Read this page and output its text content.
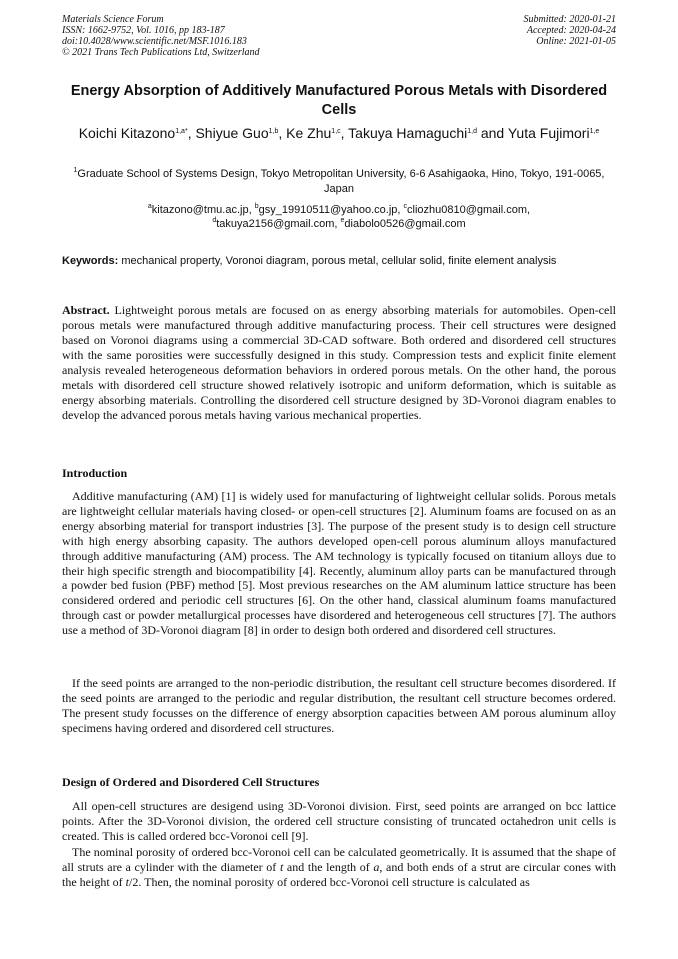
Materials Science Forum
ISSN: 1662-9752, Vol. 1016, pp 183-187
doi:10.4028/www.scientific.net/MSF.1016.183
© 2021 Trans Tech Publications Ltd, Switzerland
Submitted: 2020-01-21
Accepted: 2020-04-24
Online: 2021-01-05
Energy Absorption of Additively Manufactured Porous Metals with Disordered Cells
Koichi Kitazono$^{1,a*}$, Shiyue Guo$^{1,b}$, Ke Zhu$^{1,c}$, Takuya Hamaguchi$^{1,d}$ and Yuta Fujimori$^{1,e}$
$^1$Graduate School of Systems Design, Tokyo Metropolitan University, 6-6 Asahigaoka, Hino, Tokyo, 191-0065, Japan
$^a$kitazono@tmu.ac.jp, $^b$gsy_19910511@yahoo.co.jp, $^c$cliozhu0810@gmail.com,
$^d$takuya2156@gmail.com, $^e$diabolo0526@gmail.com
Keywords: mechanical property, Voronoi diagram, porous metal, cellular solid, finite element analysis
Abstract. Lightweight porous metals are focused on as energy absorbing materials for automobiles. Open-cell porous metals were manufactured through additive manufacturing process. Their cell structures were designed based on Voronoi diagrams using a commercial 3D-CAD software. Both ordered and disordered cell structures with the same porosities were successfully designed in this study. Compression tests and explicit finite element analysis revealed heterogeneous deformation behaviors in ordered porous metals. On the other hand, the porous metals with disordered cell structure showed relatively isotropic and uniform deformation, which is suitable as energy absorbing materials. Controlling the disordered cell structure designed by 3D-Voronoi diagram enables to develop the advanced porous metals having various mechanical properties.
Introduction
Additive manufacturing (AM) [1] is widely used for manufacturing of lightweight cellular solids. Porous metals are lightweight cellular materials having closed- or open-cell structures [2]. Aluminum foams are focused on as an energy absorbing material for transport industries [3]. The purpose of the present study is to design cell structure with high energy absorbing capasity. The authors developed open-cell porous aluminum alloys manufactured through additive manufacturing (AM) process. The AM technology is typically focused on titanium alloys due to their high specific strength and biocompatibility [4]. Recently, aluminum alloy parts can be manufactured through a powder bed fusion (PBF) method [5]. Most previous researches on the AM aluminum lattice structure has been considered ordered and periodic cell structures [6]. On the other hand, classical aluminum foams manufactured through cast or powder metallurgical processes have disordered and heterogeneous cell structures [7]. The authors use a method of 3D-Voronoi diagram [8] in order to design both ordered and disordered cell structures.
If the seed points are arranged to the non-periodic distribution, the resultant cell structure becomes disordered. If the seed points are arranged to the periodic and regular distribution, the resultant cell structure becomes ordered. The present study focusses on the difference of energy absorption capacities between AM porous aluminum alloy specimens having ordered and disordered cell structures.
Design of Ordered and Disordered Cell Structures
All open-cell structures are desigend using 3D-Voronoi division. First, seed points are arranged on bcc lattice points. After the 3D-Voronoi division, the ordered cell structure consisting of truncated octahedron unit cells is created. This is called ordered bcc-Voronoi cell [9].
The nominal porosity of ordered bcc-Voronoi cell can be calculated geometrically. It is assumed that the shape of all struts are a cylinder with the diameter of t and the length of a, and both ends of a strut are circular cones with the height of t/2. Then, the nominal porosity of ordered bcc-Voronoi cell structure is calculated as
